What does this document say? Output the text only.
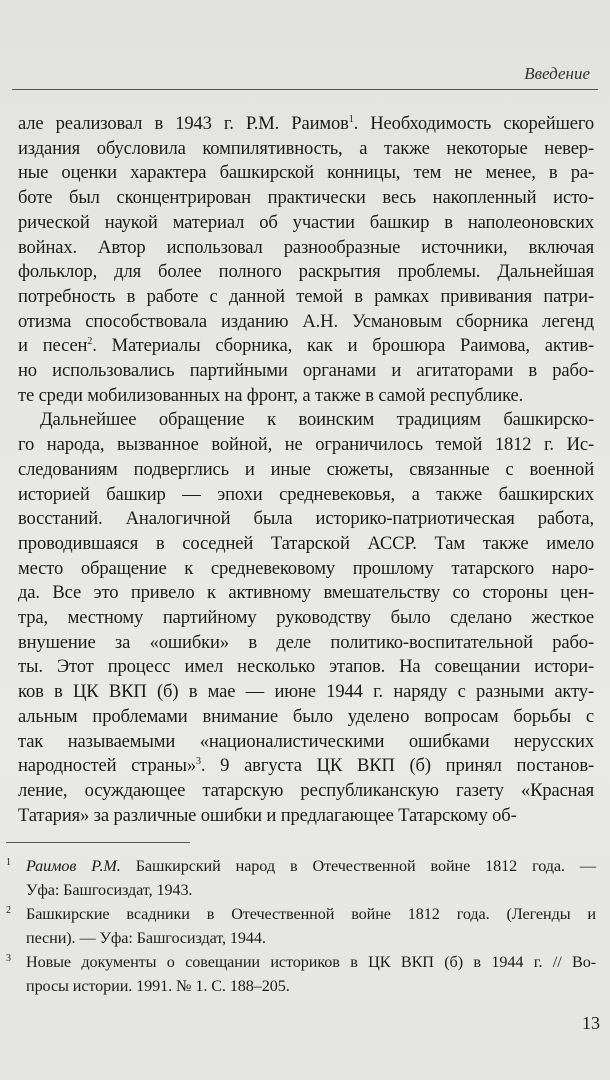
Введение
але реализовал в 1943 г. Р.М. Раимов$^1$. Необходимость скорейшего
издания обусловила компилятивность, а также некоторые невер-
ные оценки характера башкирской конницы, тем не менее, в ра-
боте был сконцентрирован практически весь накопленный исто-
рической наукой материал об участии башкир в наполеоновских
войнах. Автор использовал разнообразные источники, включая
фольклор, для более полного раскрытия проблемы. Дальнейшая
потребность в работе с данной темой в рамках прививания патри-
отизма способствовала изданию А.Н. Усмановым сборника легенд
и песен$^2$. Материалы сборника, как и брошюра Раимова, актив‑
но использовались партийными органами и агитаторами в рабо-
те среди мобилизованных на фронт, а также в самой республике.
Дальнейшее обращение к воинским традициям башкирско-
го народа, вызванное войной, не ограничилось темой 1812 г. Ис-
следованиям подверглись и иные сюжеты, связанные с военной
историей башкир — эпохи средневековья, а также башкирских
восстаний. Аналогичной была историко-патриотическая работа,
проводившаяся в соседней Татарской АССР. Там также имело
место обращение к средневековому прошлому татарского наро-
да. Все это привело к активному вмешательству со стороны цен-
тра, местному партийному руководству было сделано жесткое
внушение за «ошибки» в деле политико-воспитательной рабо-
ты. Этот процесс имел несколько этапов. На совещании истори-
ков в ЦК ВКП (б) в мае — июне 1944 г. наряду с разными акту-
альным проблемами внимание было уделено вопросам борьбы с
так называемыми «националистическими ошибками нерусских
народностей страны»$^3$. 9 августа ЦК ВКП (б) принял постанов-
ление, осуждающее татарскую республиканскую газету «Красная
Татария» за различные ошибки и предлагающее Татарскому об-
1 Раимов Р.М. Башкирский народ в Отечественной войне 1812 года. —
Уфа: Башгосиздат, 1943.
2 Башкирские всадники в Отечественной войне 1812 года. (Легенды и
песни). — Уфа: Башгосиздат, 1944.
3 Новые документы о совещании историков в ЦК ВКП (б) в 1944 г. // Во-
просы истории. 1991. № 1. С. 188–205.
13
